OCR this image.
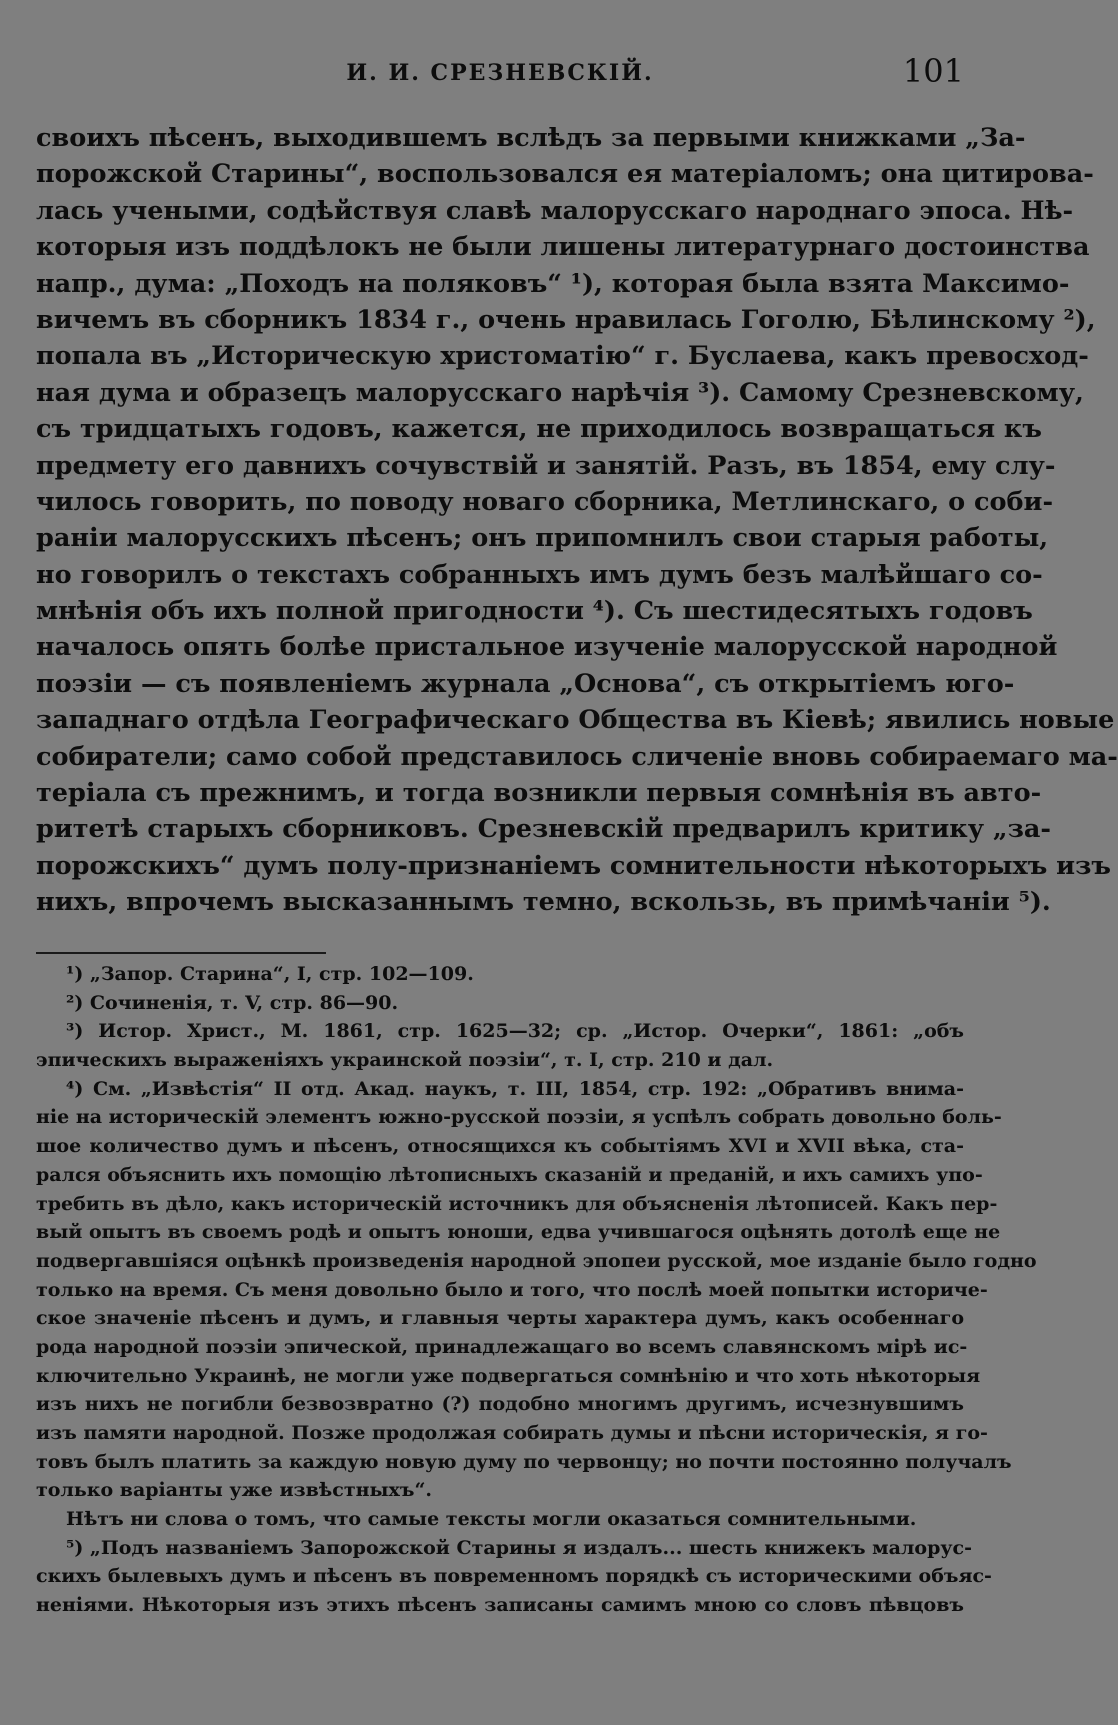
И. И. СРЕЗНЕВСКІЙ.	101
своихъ пѣсенъ, выходившемъ вслѣдъ за первыми книжками „За-
порожской Старины“, воспользовался ея матеріаломъ; она цитирова-
лась учеными, содѣйствуя славѣ малорусскаго народнаго эпоса. Нѣ-
которыя изъ поддѣлокъ не были лишены литературнаго достоинства
напр., дума: „Походъ на поляковъ“ ¹), которая была взята Максимо-
вичемъ въ сборникъ 1834 г., очень нравилась Гоголю, Бѣлинскому ²),
попала въ „Историческую христоматію“ г. Буслаева, какъ превосход-
ная дума и образецъ малорусскаго нарѣчія ³). Самому Срезневскому,
съ тридцатыхъ годовъ, кажется, не приходилось возвращаться къ
предмету его давнихъ сочувствій и занятій. Разъ, въ 1854, ему слу-
чилось говорить, по поводу новаго сборника, Метлинскаго, о соби-
раніи малорусскихъ пѣсенъ; онъ припомнилъ свои старыя работы,
но говорилъ о текстахъ собранныхъ имъ думъ безъ малѣйшаго со-
мнѣнія объ ихъ полной пригодности ⁴). Съ шестидесятыхъ годовъ
началось опять болѣе пристальное изученіе малорусской народной
поэзіи — съ появленіемъ журнала „Основа“, съ открытіемъ юго-
западнаго отдѣла Географическаго Общества въ Кіевѣ; явились новые
собиратели; само собой представилось сличеніе вновь собираемаго ма-
теріала съ прежнимъ, и тогда возникли первыя сомнѣнія въ авто-
ритетѣ старыхъ сборниковъ. Срезневскій предварилъ критику „за-
порожскихъ“ думъ полу-признаніемъ сомнительности нѣкоторыхъ изъ
нихъ, впрочемъ высказаннымъ темно, вскользь, въ примѣчаніи ⁵).
¹) „Запор. Старина“, I, стр. 102—109.
²) Сочиненія, т. V, стр. 86—90.
³) Истор. Христ., М. 1861, стр. 1625—32; ср. „Истор. Очерки“, 1861: „объ
эпическихъ выраженіяхъ украинской поэзіи“, т. I, стр. 210 и дал.
⁴) См. „Извѣстія“ II отд. Акад. наукъ, т. III, 1854, стр. 192: „Обративъ внима-
ніе на историческій элементъ южно-русской поэзіи, я успѣлъ собрать довольно боль-
шое количество думъ и пѣсенъ, относящихся къ событіямъ XVI и XVII вѣка, ста-
рался объяснить ихъ помощію лѣтописныхъ сказаній и преданій, и ихъ самихъ упо-
требить въ дѣло, какъ историческій источникъ для объясненія лѣтописей. Какъ пер-
вый опытъ въ своемъ родѣ и опытъ юноши, едва учившагося оцѣнять дотолѣ еще не
подвергавшіяся оцѣнкѣ произведенія народной эпопеи русской, мое изданіе было годно
только на время. Съ меня довольно было и того, что послѣ моей попытки историче-
ское значеніе пѣсенъ и думъ, и главныя черты характера думъ, какъ особеннаго
рода народной поэзіи эпической, принадлежащаго во всемъ славянскомъ мірѣ ис-
ключительно Украинѣ, не могли уже подвергаться сомнѣнію и что хоть нѣкоторыя
изъ нихъ не погибли безвозвратно (?) подобно многимъ другимъ, исчезнувшимъ
изъ памяти народной. Позже продолжая собирать думы и пѣсни историческія, я го-
товъ былъ платить за каждую новую думу по червонцу; но почти постоянно получалъ
только варіанты уже извѣстныхъ“.
Нѣтъ ни слова о томъ, что самые тексты могли оказаться сомнительными.
⁵) „Подъ названіемъ Запорожской Старины я издалъ... шесть книжекъ малорус-
скихъ былевыхъ думъ и пѣсенъ въ повременномъ порядкѣ съ историческими объяс-
неніями. Нѣкоторыя изъ этихъ пѣсенъ записаны самимъ мною со словъ пѣвцовъ
